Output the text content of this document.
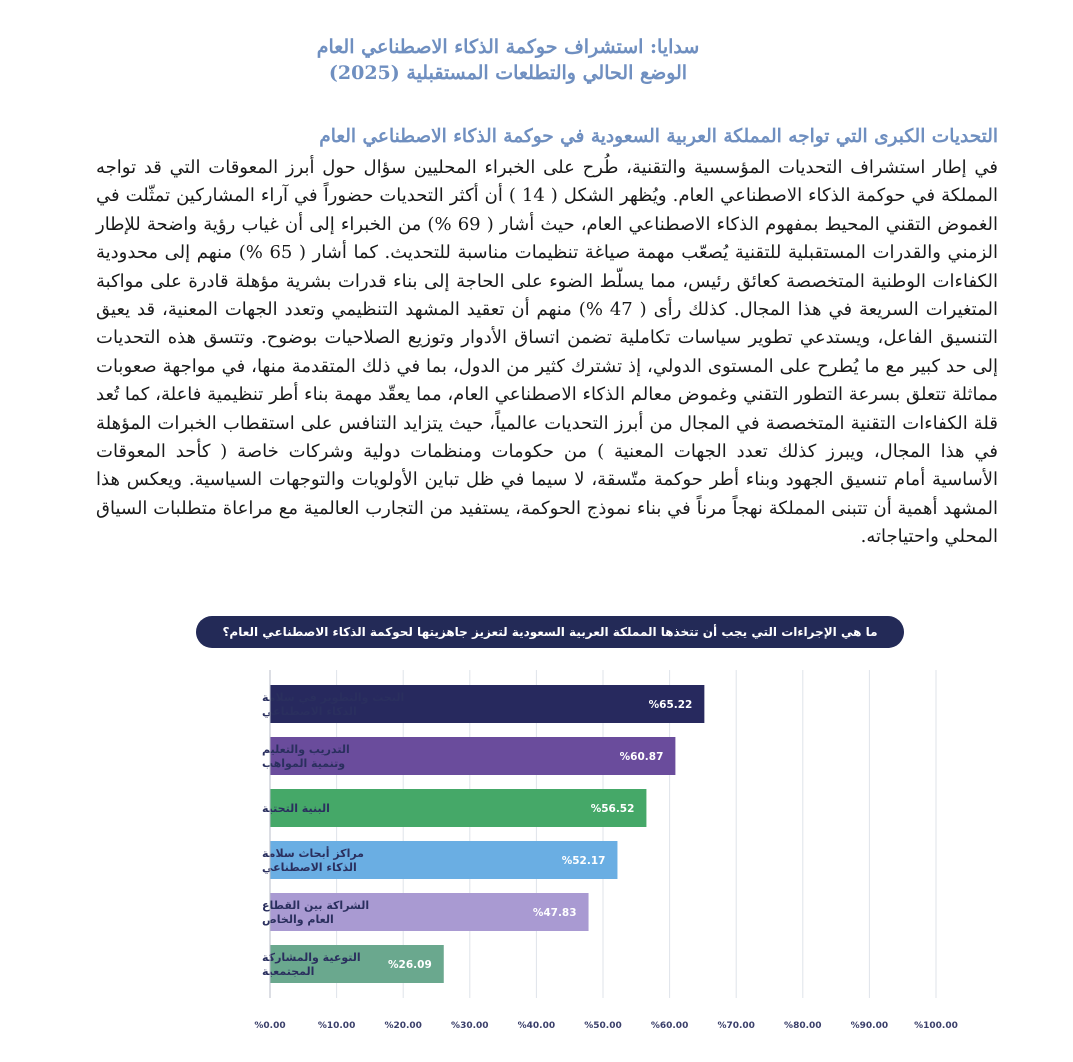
سدايا: استشراف حوكمة الذكاء الاصطناعي العام
الوضع الحالي والتطلعات المستقبلية (2025)
التحديات الكبرى التي تواجه المملكة العربية السعودية في حوكمة الذكاء الاصطناعي العام
في إطار استشراف التحديات المؤسسية والتقنية، طُرح على الخبراء المحليين سؤال حول أبرز المعوقات التي قد تواجه المملكة في حوكمة الذكاء الاصطناعي العام. ويُظهر الشكل ( 14 ) أن أكثر التحديات حضوراً في آراء المشاركين تمثّلت في الغموض التقني المحيط بمفهوم الذكاء الاصطناعي العام، حيث أشار ( 69 %) من الخبراء إلى أن غياب رؤية واضحة للإطار الزمني والقدرات المستقبلية للتقنية يُصعّب مهمة صياغة تنظيمات مناسبة للتحديث. كما أشار ( 65 %) منهم إلى محدودية الكفاءات الوطنية المتخصصة كعائق رئيس، مما يسلّط الضوء على الحاجة إلى بناء قدرات بشرية مؤهلة قادرة على مواكبة المتغيرات السريعة في هذا المجال. كذلك رأى ( 47 %) منهم أن تعقيد المشهد التنظيمي وتعدد الجهات المعنية، قد يعيق التنسيق الفاعل، ويستدعي تطوير سياسات تكاملية تضمن اتساق الأدوار وتوزيع الصلاحيات بوضوح. وتتسق هذه التحديات إلى حد كبير مع ما يُطرح على المستوى الدولي، إذ تشترك كثير من الدول، بما في ذلك المتقدمة منها، في مواجهة صعوبات مماثلة تتعلق بسرعة التطور التقني وغموض معالم الذكاء الاصطناعي العام، مما يعقّد مهمة بناء أطر تنظيمية فاعلة، كما تُعد قلة الكفاءات التقنية المتخصصة في المجال من أبرز التحديات عالمياً، حيث يتزايد التنافس على استقطاب الخبرات المؤهلة في هذا المجال، ويبرز كذلك تعدد الجهات المعنية ) من حكومات ومنظمات دولية وشركات خاصة ( كأحد المعوقات الأساسية أمام تنسيق الجهود وبناء أطر حوكمة متّسقة، لا سيما في ظل تباين الأولويات والتوجهات السياسية. ويعكس هذا المشهد أهمية أن تتبنى المملكة نهجاً مرناً في بناء نموذج الحوكمة، يستفيد من التجارب العالمية مع مراعاة متطلبات السياق المحلي واحتياجاته.
ما هي الإجراءات التي يجب أن تتخذها المملكة العربية السعودية لتعزيز جاهزيتها لحوكمة الذكاء الاصطناعي العام؟
%0.00	%10.00	%20.00	%30.00	%40.00	%50.00	%60.00	%70.00	%80.00	%90.00	%100.00
%65.22
البحث والتطوير في سلامة
الذكاء الاصطناعي
%60.87
التدريب والتعليم
وتنمية المواهب
%56.52
البنية التحتية
%52.17
مراكز أبحاث سلامة
الذكاء الاصطناعي
%47.83
الشراكة بين القطاع
العام والخاص
%26.09
التوعية والمشاركة
المجتمعية
